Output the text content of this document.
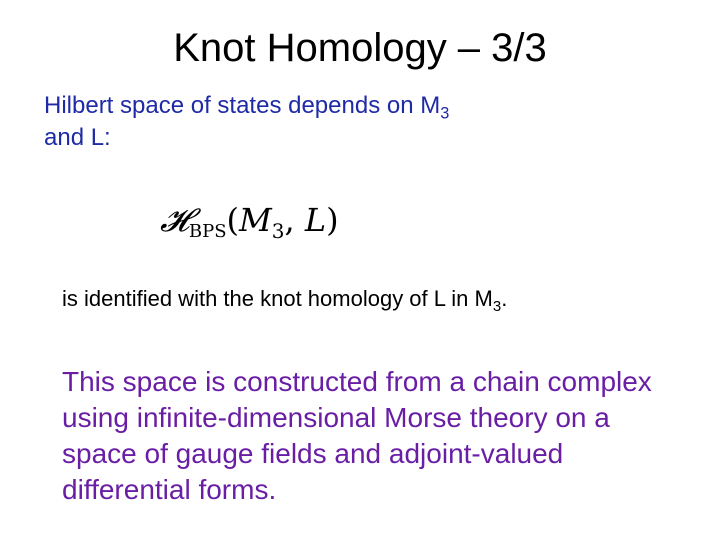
Knot Homology – 3/3
Hilbert space of states depends on $M_3$
and L:
$𝓗BPS(M_3$, L)
is identified with the knot homology of L in $M_3$.
This space is constructed from a chain complex using infinite-dimensional Morse theory on a space of gauge fields and adjoint-valued differential forms.
